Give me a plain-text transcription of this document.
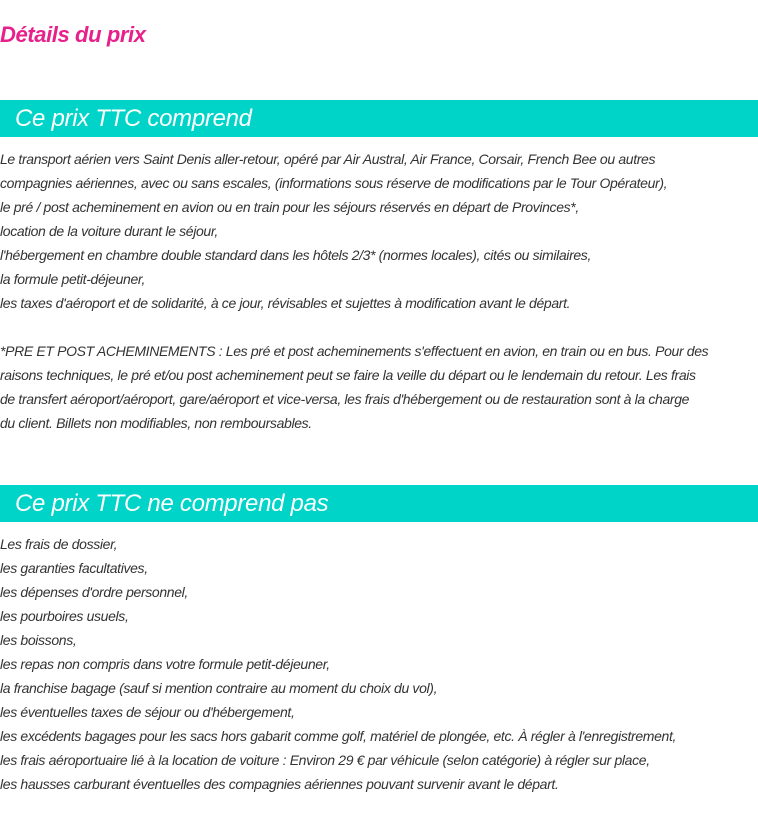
Détails du prix
Ce prix TTC comprend
Le transport aérien vers Saint Denis aller-retour, opéré par Air Austral, Air France, Corsair, French Bee ou autres
compagnies aériennes, avec ou sans escales, (informations sous réserve de modifications par le Tour Opérateur),
le pré / post acheminement en avion ou en train pour les séjours réservés en départ de Provinces*,
location de la voiture durant le séjour,
l'hébergement en chambre double standard dans les hôtels 2/3* (normes locales), cités ou similaires,
la formule petit-déjeuner,
les taxes d'aéroport et de solidarité, à ce jour, révisables et sujettes à modification avant le départ.
*PRE ET POST ACHEMINEMENTS : Les pré et post acheminements s'effectuent en avion, en train ou en bus. Pour des
raisons techniques, le pré et/ou post acheminement peut se faire la veille du départ ou le lendemain du retour. Les frais
de transfert aéroport/aéroport, gare/aéroport et vice-versa, les frais d'hébergement ou de restauration sont à la charge
du client. Billets non modifiables, non remboursables.
Ce prix TTC ne comprend pas
Les frais de dossier,
les garanties facultatives,
les dépenses d'ordre personnel,
les pourboires usuels,
les boissons,
les repas non compris dans votre formule petit-déjeuner,
la franchise bagage (sauf si mention contraire au moment du choix du vol),
les éventuelles taxes de séjour ou d'hébergement,
les excédents bagages pour les sacs hors gabarit comme golf, matériel de plongée, etc. À régler à l'enregistrement,
les frais aéroportuaire lié à la location de voiture : Environ 29 € par véhicule (selon catégorie) à régler sur place,
les hausses carburant éventuelles des compagnies aériennes pouvant survenir avant le départ.
